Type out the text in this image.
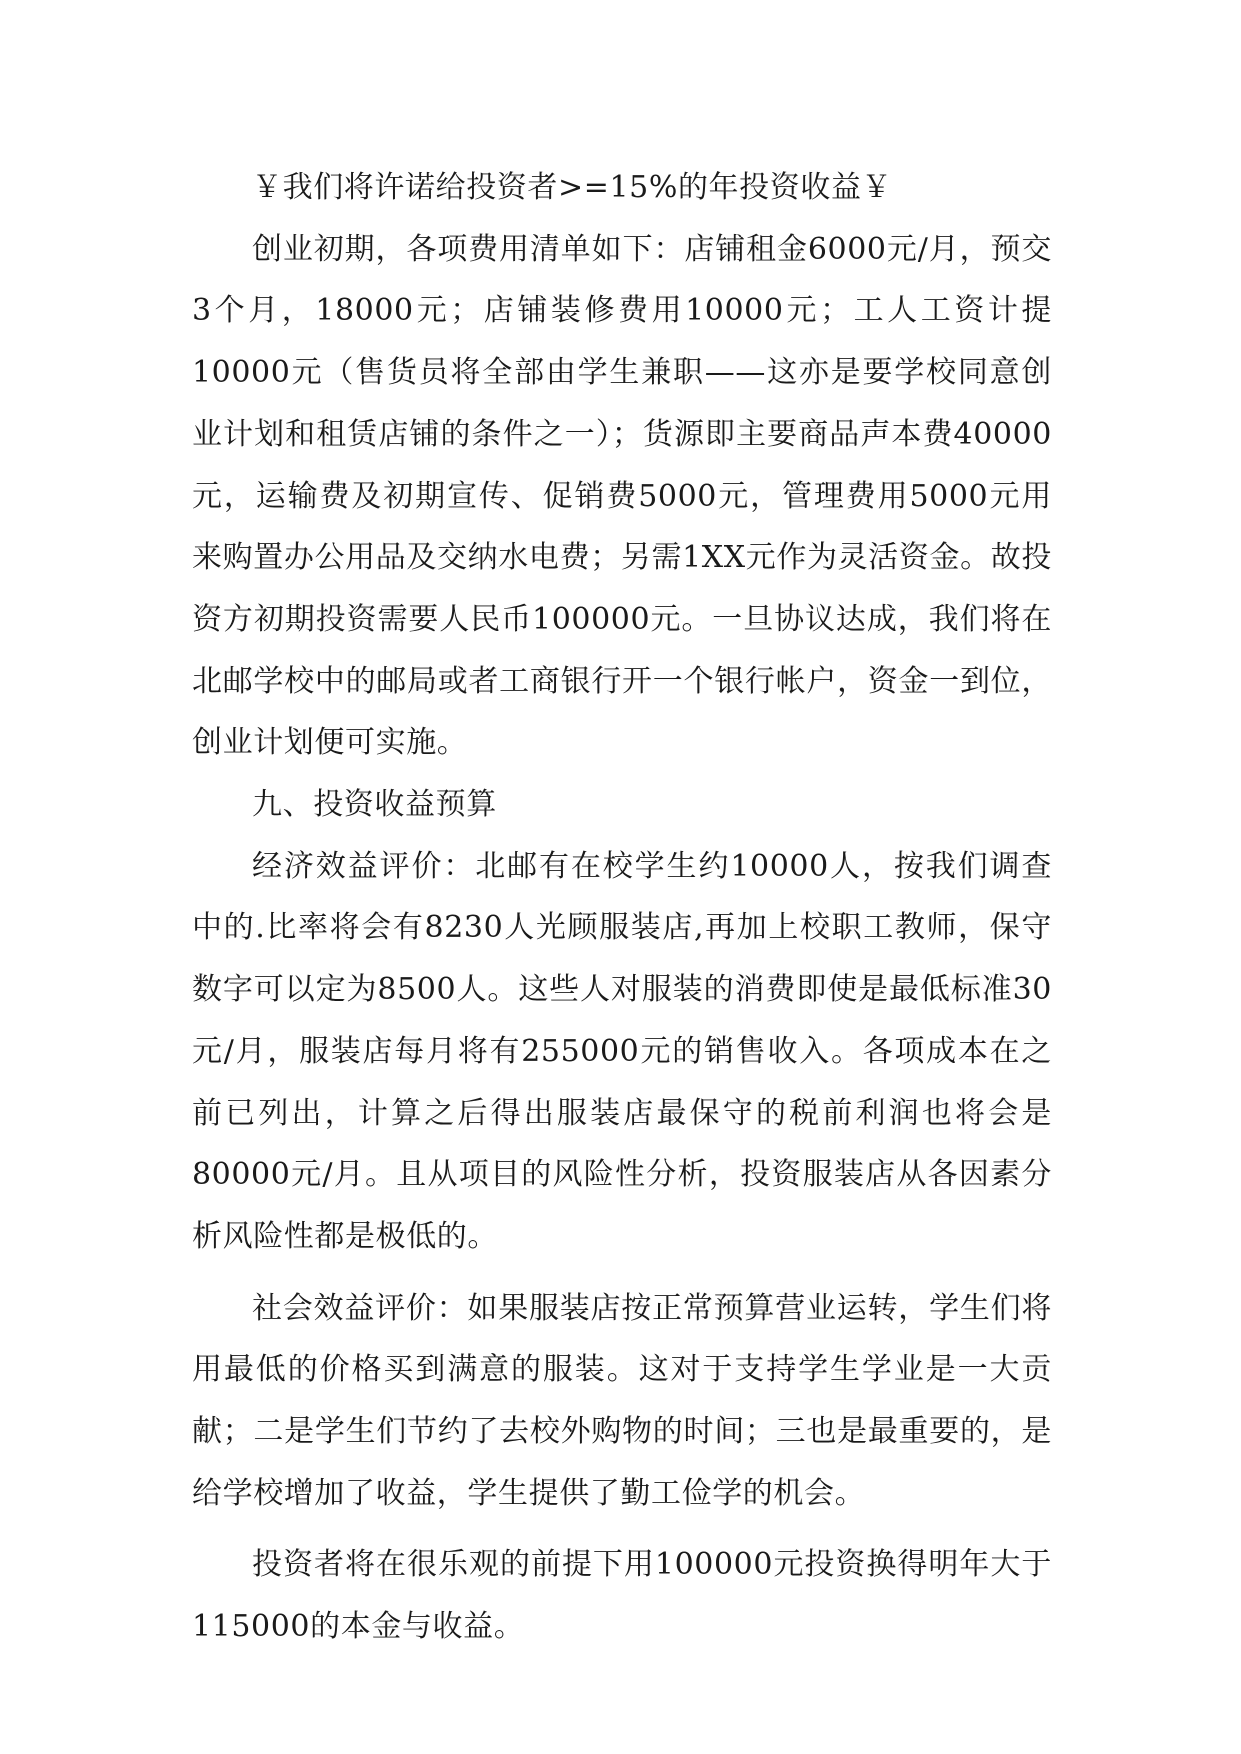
￥我们将许诺给投资者>=15%的年投资收益￥

创业初期，各项费用清单如下：店铺租金6000元/月，预交3个月，18000元；店铺装修费用10000元；工人工资计提10000元（售货员将全部由学生兼职——这亦是要学校同意创业计划和租赁店铺的条件之一）；货源即主要商品声本费40000元，运输费及初期宣传、促销费5000元，管理费用5000元用来购置办公用品及交纳水电费；另需1XX元作为灵活资金。故投资方初期投资需要人民币100000元。一旦协议达成，我们将在北邮学校中的邮局或者工商银行开一个银行帐户，资金一到位，创业计划便可实施。

九、投资收益预算

经济效益评价：北邮有在校学生约10000人，按我们调查中的.比率将会有8230人光顾服装店,再加上校职工教师，保守数字可以定为8500人。这些人对服装的消费即使是最低标准30元/月，服装店每月将有255000元的销售收入。各项成本在之前已列出，计算之后得出服装店最保守的税前利润也将会是80000元/月。且从项目的风险性分析，投资服装店从各因素分析风险性都是极低的。

社会效益评价：如果服装店按正常预算营业运转，学生们将用最低的价格买到满意的服装。这对于支持学生学业是一大贡献；二是学生们节约了去校外购物的时间；三也是最重要的，是给学校增加了收益，学生提供了勤工俭学的机会。

投资者将在很乐观的前提下用100000元投资换得明年大于115000的本金与收益。
